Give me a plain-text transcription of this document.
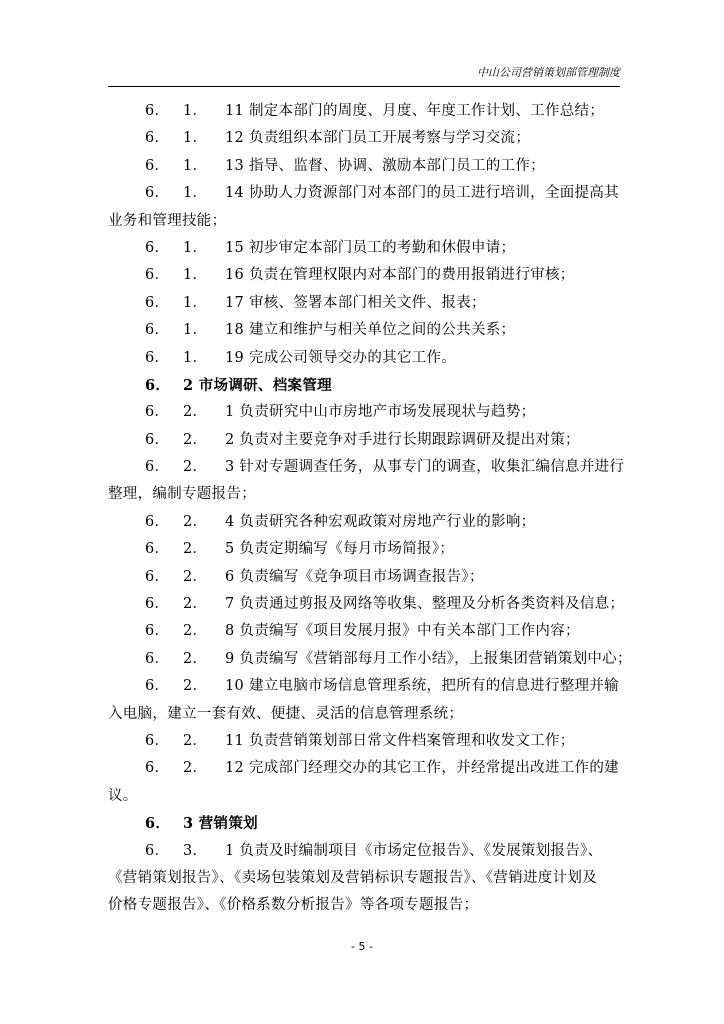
中山公司营销策划部管理制度
6． 1． 11 制定本部门的周度、月度、年度工作计划、工作总结；
6． 1． 12 负责组织本部门员工开展考察与学习交流；
6． 1． 13 指导、监督、协调、激励本部门员工的工作；
6． 1． 14 协助人力资源部门对本部门的员工进行培训，全面提高其
业务和管理技能；
6． 1． 15 初步审定本部门员工的考勤和休假申请；
6． 1． 16 负责在管理权限内对本部门的费用报销进行审核；
6． 1． 17 审核、签署本部门相关文件、报表；
6． 1． 18 建立和维护与相关单位之间的公共关系；
6． 1． 19 完成公司领导交办的其它工作。
6． 2 市场调研、档案管理
6． 2． 1 负责研究中山市房地产市场发展现状与趋势；
6． 2． 2 负责对主要竞争对手进行长期跟踪调研及提出对策；
6． 2． 3 针对专题调查任务，从事专门的调查，收集汇编信息并进行
整理，编制专题报告；
6． 2． 4 负责研究各种宏观政策对房地产行业的影响；
6． 2． 5 负责定期编写《每月市场简报》；
6． 2． 6 负责编写《竞争项目市场调查报告》；
6． 2． 7 负责通过剪报及网络等收集、整理及分析各类资料及信息；
6． 2． 8 负责编写《项目发展月报》中有关本部门工作内容；
6． 2． 9 负责编写《营销部每月工作小结》，上报集团营销策划中心；
6． 2． 10 建立电脑市场信息管理系统，把所有的信息进行整理并输
入电脑，建立一套有效、便捷、灵活的信息管理系统；
6． 2． 11 负责营销策划部日常文件档案管理和收发文工作；
6． 2． 12 完成部门经理交办的其它工作，并经常提出改进工作的建
议。
6． 3 营销策划
6． 3． 1 负责及时编制项目《市场定位报告》、《发展策划报告》、
《营销策划报告》、《卖场包装策划及营销标识专题报告》、《营销进度计划及
价格专题报告》、《价格系数分析报告》等各项专题报告；
- 5 -
